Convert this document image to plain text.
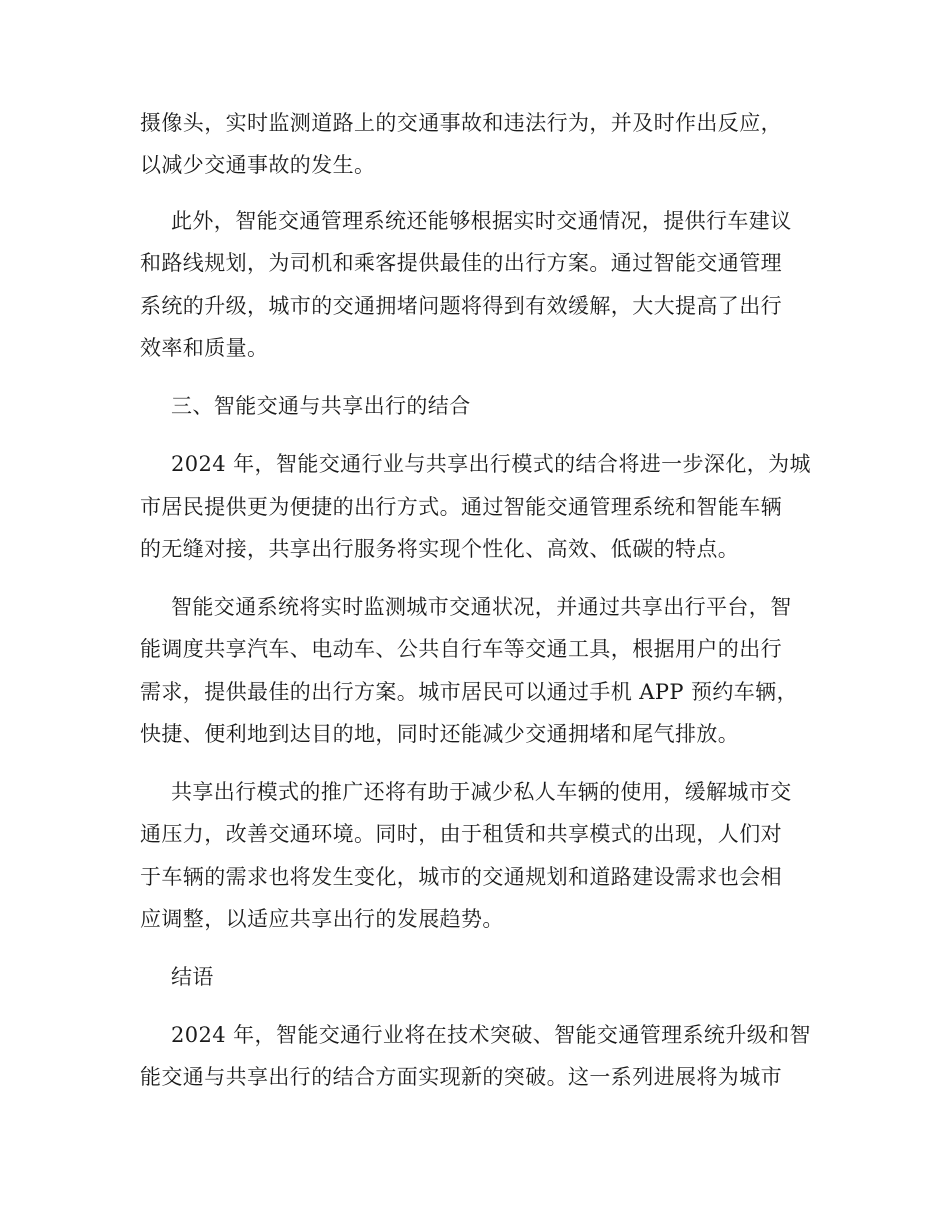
摄像头，实时监测道路上的交通事故和违法行为，并及时作出反应，
以减少交通事故的发生。
此外，智能交通管理系统还能够根据实时交通情况，提供行车建议
和路线规划，为司机和乘客提供最佳的出行方案。通过智能交通管理
系统的升级，城市的交通拥堵问题将得到有效缓解，大大提高了出行
效率和质量。
三、智能交通与共享出行的结合
2024 年，智能交通行业与共享出行模式的结合将进一步深化，为城
市居民提供更为便捷的出行方式。通过智能交通管理系统和智能车辆
的无缝对接，共享出行服务将实现个性化、高效、低碳的特点。
智能交通系统将实时监测城市交通状况，并通过共享出行平台，智
能调度共享汽车、电动车、公共自行车等交通工具，根据用户的出行
需求，提供最佳的出行方案。城市居民可以通过手机 APP 预约车辆，
快捷、便利地到达目的地，同时还能减少交通拥堵和尾气排放。
共享出行模式的推广还将有助于减少私人车辆的使用，缓解城市交
通压力，改善交通环境。同时，由于租赁和共享模式的出现，人们对
于车辆的需求也将发生变化，城市的交通规划和道路建设需求也会相
应调整，以适应共享出行的发展趋势。
结语
2024 年，智能交通行业将在技术突破、智能交通管理系统升级和智
能交通与共享出行的结合方面实现新的突破。这一系列进展将为城市
